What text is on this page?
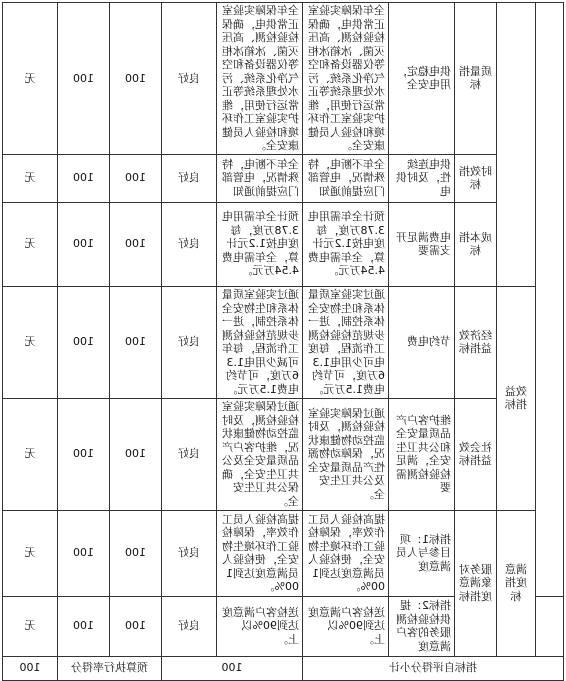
		质量指标	供电稳定，用电安全	全年保障实验室正常供电，确保检验检测、高压灭菌、冰箱冰柜等仪器设备和空气净化系统、污水处理系统等正常运行使用，维护实验室工作环境和检验人员健康安全。	全年保障实验室正常供电，确保检验检测、高压灭菌、冰箱冰柜等仪器设备和空气净化系统、污水处理系统等正常运行使用，维护实验室工作环境和检验人员健康安全。	良好	100	100	无
		时效指标	供电连续性，及时供电	全年不断电，特殊情况，电管部门应提前通知	全年不断电，特殊情况，电管部门应提前通知	良好	100	100	无
		成本指标	电费满足开支需要	预计全年需用电3.78万度，每度电按1.2元计算，全年需电费4.54万元。	预计全年需用电3.78万度，每度电按1.2元计算，全年需电费4.54万元。	良好	100	100	无
	效益指标	经济效益指标	节约电费	通过实验室质量体系和生物安全体系控制，进一步规范检验检测工作流程，每度电可少用电1.36万度，可节约电费1.5万元。	通过实验室质量体系和生物安全体系控制，进一步规范检验检测工作流程，每年可减少用电1.36万度，可节约电费1.5万元。	良好	100	100	无
		社会效益指标	维护客户产品质量安全和公共卫生安全，满足检验检测需要	通过保障实验室检验检测，及时监控动物健康状况，保障动物源性产品质量安全及公共卫生安全。	通过保障实验室检验检测，及时监控动物健康状况，维护客户产品质量安全及公共卫生安全，确保公共卫生安全。	良好	100	100	无
	满意度指标	服务对象满意度指标	指标1：项目参与人员满意度	提高检验人员工作效率，保障检验工作环境生物安全，使检验人员满意度达到100%。	提高检验人员工作效率，保障检验工作环境生物安全，使检验人员满意度达到100%。	良好	100	100	无
			指标2：提供检验检测服务的客户满意度	送检客户满意度达到90%以上。	送检客户满意度达到90%以上。	良好	100	100	无
指标自评得分小计					100		预算执行率得分		100
